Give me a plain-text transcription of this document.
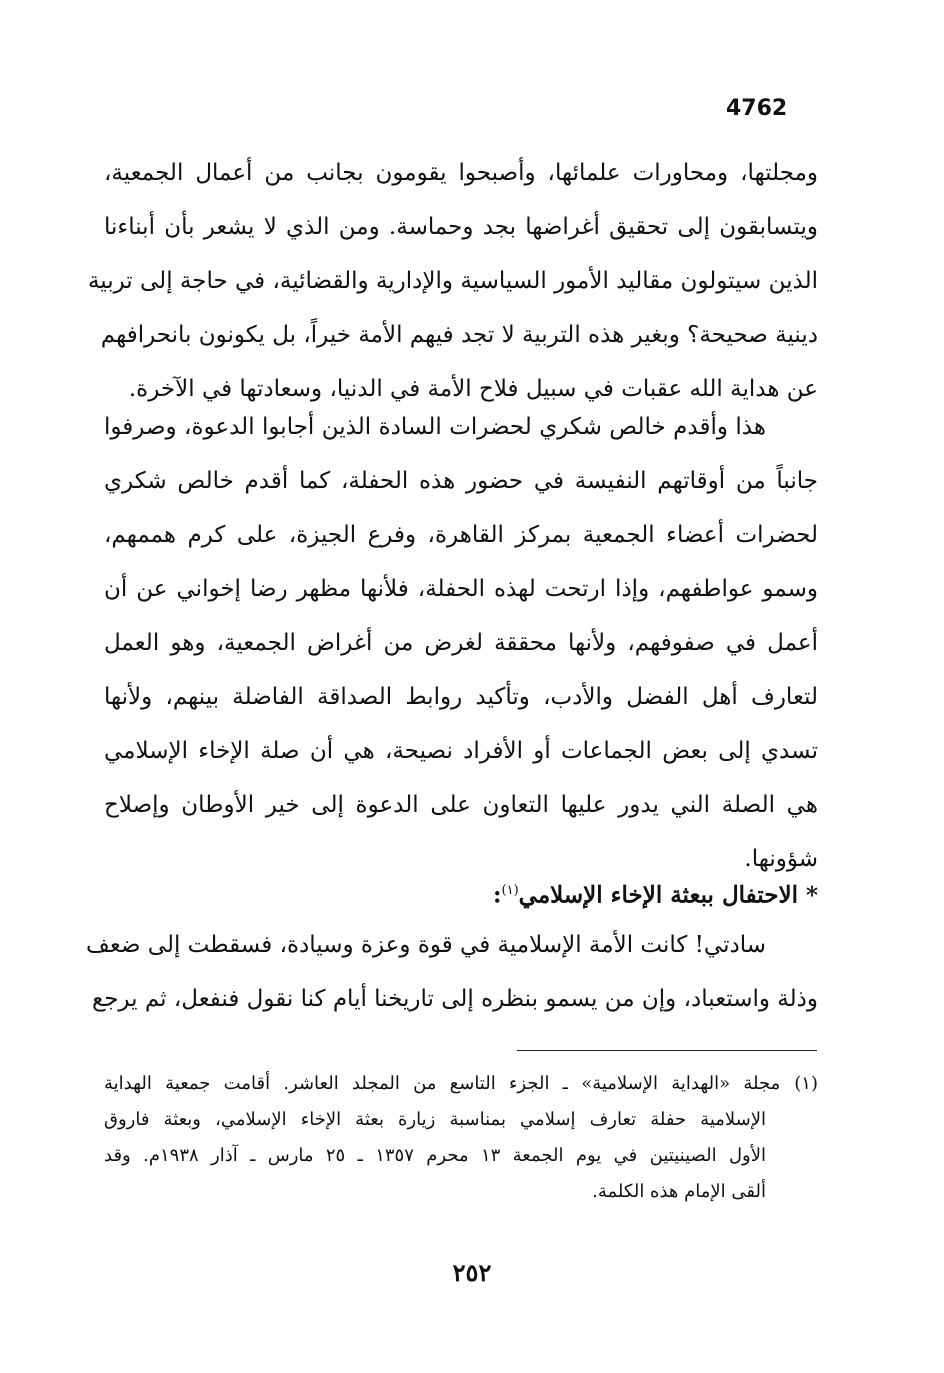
4762
ومجلتها، ومحاورات علمائها، وأصبحوا يقومون بجانب من أعمال الجمعية،
ويتسابقون إلى تحقيق أغراضها بجد وحماسة. ومن الذي لا يشعر بأن أبناءنا
الذين سيتولون مقاليد الأمور السياسية والإدارية والقضائية، في حاجة إلى تربية
دينية صحيحة؟ وبغير هذه التربية لا تجد فيهم الأمة خيراً، بل يكونون بانحرافهم
عن هداية الله عقبات في سبيل فلاح الأمة في الدنيا، وسعادتها في الآخرة.
هذا وأقدم خالص شكري لحضرات السادة الذين أجابوا الدعوة، وصرفوا
جانباً من أوقاتهم النفيسة في حضور هذه الحفلة، كما أقدم خالص شكري
لحضرات أعضاء الجمعية بمركز القاهرة، وفرع الجيزة، على كرم هممهم،
وسمو عواطفهم، وإذا ارتحت لهذه الحفلة، فلأنها مظهر رضا إخواني عن أن
أعمل في صفوفهم، ولأنها محققة لغرض من أغراض الجمعية، وهو العمل
لتعارف أهل الفضل والأدب، وتأكيد روابط الصداقة الفاضلة بينهم، ولأنها
تسدي إلى بعض الجماعات أو الأفراد نصيحة، هي أن صلة الإخاء الإسلامي
هي الصلة الني يدور عليها التعاون على الدعوة إلى خير الأوطان وإصلاح
شؤونها.
*الاحتفال ببعثة الإخاء الإسلامي$^{(١)}$:
سادتي! كانت الأمة الإسلامية في قوة وعزة وسيادة، فسقطت إلى ضعف
وذلة واستعباد، وإن من يسمو بنظره إلى تاريخنا أيام كنا نقول فنفعل، ثم يرجع
(١)مجلة «الهداية الإسلامية» ـ الجزء التاسع من المجلد العاشر. أقامت جمعية الهداية
الإسلامية حفلة تعارف إسلامي بمناسبة زيارة بعثة الإخاء الإسلامي، وبعثة فاروق
الأول الصينيتين في يوم الجمعة ١٣ محرم ١٣٥٧ ـ ٢٥ مارس ـ آذار ١٩٣٨م. وقد
ألقى الإمام هذه الكلمة.
٢٥٢
